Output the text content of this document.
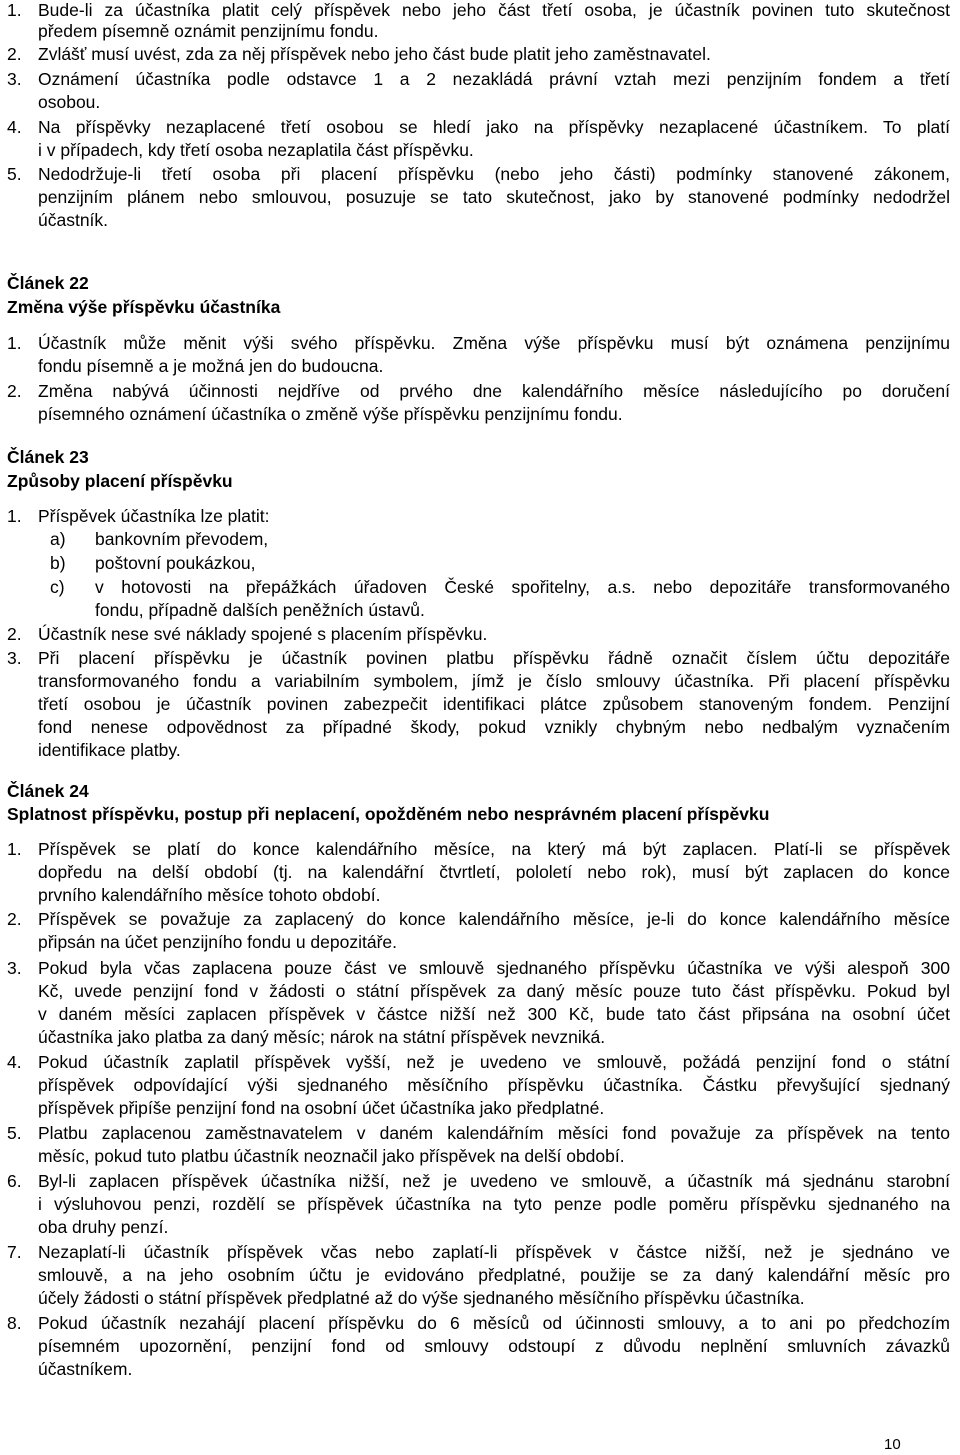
1. Bude-li za účastníka platit celý příspěvek nebo jeho část třetí osoba, je účastník povinen tuto skutečnost
předem písemně oznámit penzijnímu fondu.
2. Zvlášť musí uvést, zda za něj příspěvek nebo jeho část bude platit jeho zaměstnavatel.
3. Oznámení účastníka podle odstavce 1 a 2 nezakládá právní vztah mezi penzijním fondem a třetí
osobou.
4. Na příspěvky nezaplacené třetí osobou se hledí jako na příspěvky nezaplacené účastníkem. To platí
i v případech, kdy třetí osoba nezaplatila část příspěvku.
5. Nedodržuje-li třetí osoba při placení příspěvku (nebo jeho části) podmínky stanovené zákonem,
penzijním plánem nebo smlouvou, posuzuje se tato skutečnost, jako by stanovené podmínky nedodržel
účastník.
Článek 22
Změna výše příspěvku účastníka
1. Účastník může měnit výši svého příspěvku. Změna výše příspěvku musí být oznámena penzijnímu
fondu písemně a je možná jen do budoucna.
2. Změna nabývá účinnosti nejdříve od prvého dne kalendářního měsíce následujícího po doručení
písemného oznámení účastníka o změně výše příspěvku penzijnímu fondu.
Článek 23
Způsoby placení příspěvku
1. Příspěvek účastníka lze platit:
a) bankovním převodem,
b) poštovní poukázkou,
c) v hotovosti na přepážkách úřadoven České spořitelny, a.s. nebo depozitáře transformovaného
fondu, případně dalších peněžních ústavů.
2. Účastník nese své náklady spojené s placením příspěvku.
3. Při placení příspěvku je účastník povinen platbu příspěvku řádně označit číslem účtu depozitáře
transformovaného fondu a variabilním symbolem, jímž je číslo smlouvy účastníka. Při placení příspěvku
třetí osobou je účastník povinen zabezpečit identifikaci plátce způsobem stanoveným fondem. Penzijní
fond nenese odpovědnost za případné škody, pokud vznikly chybným nebo nedbalým vyznačením
identifikace platby.
Článek 24
Splatnost příspěvku, postup při neplacení, opožděném nebo nesprávném placení příspěvku
1. Příspěvek se platí do konce kalendářního měsíce, na který má být zaplacen. Platí-li se příspěvek
dopředu na delší období (tj. na kalendářní čtvrtletí, pololetí nebo rok), musí být zaplacen do konce
prvního kalendářního měsíce tohoto období.
2. Příspěvek se považuje za zaplacený do konce kalendářního měsíce, je-li do konce kalendářního měsíce
připsán na účet penzijního fondu u depozitáře.
3. Pokud byla včas zaplacena pouze část ve smlouvě sjednaného příspěvku účastníka ve výši alespoň 300
Kč, uvede penzijní fond v žádosti o státní příspěvek za daný měsíc pouze tuto část příspěvku. Pokud byl
v daném měsíci zaplacen příspěvek v částce nižší než 300 Kč, bude tato část připsána na osobní účet
účastníka jako platba za daný měsíc; nárok na státní příspěvek nevzniká.
4. Pokud účastník zaplatil příspěvek vyšší, než je uvedeno ve smlouvě, požádá penzijní fond o státní
příspěvek odpovídající výši sjednaného měsíčního příspěvku účastníka. Částku převyšující sjednaný
příspěvek připíše penzijní fond na osobní účet účastníka jako předplatné.
5. Platbu zaplacenou zaměstnavatelem v daném kalendářním měsíci fond považuje za příspěvek na tento
měsíc, pokud tuto platbu účastník neoznačil jako příspěvek na delší období.
6. Byl-li zaplacen příspěvek účastníka nižší, než je uvedeno ve smlouvě, a účastník má sjednánu starobní
i výsluhovou penzi, rozdělí se příspěvek účastníka na tyto penze podle poměru příspěvku sjednaného na
oba druhy penzí.
7. Nezaplatí-li účastník příspěvek včas nebo zaplatí-li příspěvek v částce nižší, než je sjednáno ve
smlouvě, a na jeho osobním účtu je evidováno předplatné, použije se za daný kalendářní měsíc pro
účely žádosti o státní příspěvek předplatné až do výše sjednaného měsíčního příspěvku účastníka.
8. Pokud účastník nezahájí placení příspěvku do 6 měsíců od účinnosti smlouvy, a to ani po předchozím
písemném upozornění, penzijní fond od smlouvy odstoupí z důvodu neplnění smluvních závazků
účastníkem.
10
